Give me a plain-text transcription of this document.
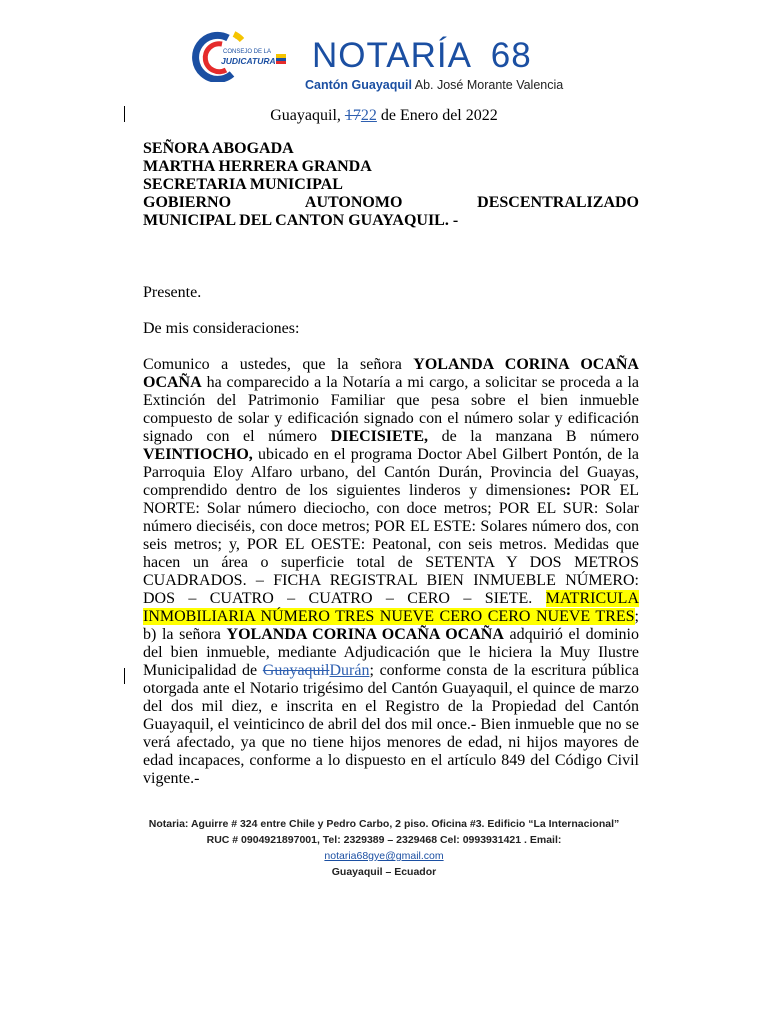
CONSEJO DE LA
JUDICATURA NOTARÍA 68
Cantón Guayaquil Ab. José Morante Valencia
Guayaquil, 1722 de Enero del 2022

SEÑORA ABOGADA

MARTHA HERRERA GRANDA

SECRETARIA MUNICIPAL

GOBIERNO AUTONOMO DESCENTRALIZADO

MUNICIPAL DEL CANTON GUAYAQUIL. -

Presente.

De mis consideraciones:

Comunico a ustedes, que la señora YOLANDA CORINA OCAÑA OCAÑA ha comparecido a la Notaría a mi cargo, a solicitar se proceda a la Extinción del Patrimonio Familiar que pesa sobre el bien inmueble compuesto de solar y edificación signado con el número solar y edificación signado con el número DIECISIETE, de la manzana B número VEINTIOCHO, ubicado en el programa Doctor Abel Gilbert Pontón, de la Parroquia Eloy Alfaro urbano, del Cantón Durán, Provincia del Guayas, comprendido dentro de los siguientes linderos y dimensiones: POR EL NORTE: Solar número dieciocho, con doce metros; POR EL SUR: Solar número dieciséis, con doce metros; POR EL ESTE: Solares número dos, con seis metros; y, POR EL OESTE: Peatonal, con seis metros. Medidas que hacen un área o superficie total de SETENTA Y DOS METROS CUADRADOS. – FICHA REGISTRAL BIEN INMUEBLE NÚMERO: DOS – CUATRO – CUATRO – CERO – SIETE. MATRICULA INMOBILIARIA NÚMERO TRES NUEVE CERO CERO NUEVE TRES; b) la señora YOLANDA CORINA OCAÑA OCAÑA adquirió el dominio del bien inmueble, mediante Adjudicación que le hiciera la Muy Ilustre Municipalidad de GuayaquilDurán; conforme consta de la escritura pública otorgada ante el Notario trigésimo del Cantón Guayaquil, el quince de marzo del dos mil diez, e inscrita en el Registro de la Propiedad del Cantón Guayaquil, el veinticinco de abril del dos mil once.- Bien inmueble que no se verá afectado, ya que no tiene hijos menores de edad, ni hijos mayores de edad incapaces, conforme a lo dispuesto en el artículo 849 del Código Civil vigente.-

Notaria: Aguirre # 324 entre Chile y Pedro Carbo, 2 piso. Oficina #3. Edificio “La Internacional”
RUC # 0904921897001, Tel: 2329389 – 2329468 Cel: 0993931421 . Email:
notaria68gye@gmail.com
Guayaquil – Ecuador
